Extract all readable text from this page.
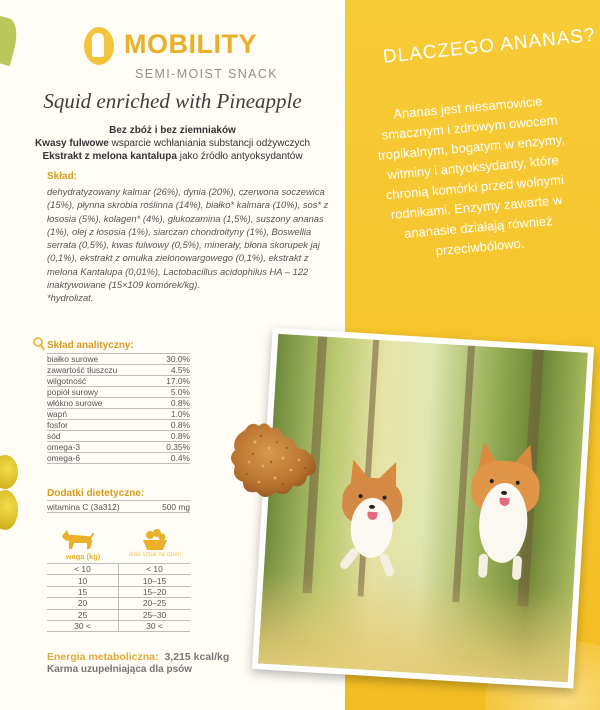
MOBILITY
SEMI-MOIST SNACK
Squid enriched with Pineapple
Bez zbóż i bez ziemniaków
Kwasy fulwowe wsparcie wchłaniania substancji odżywczych
Ekstrakt z melona kantalupa jako źródło antyoksydantów
Skład:
dehydratyzowany kalmar (26%), dynia (20%), czerwona soczewica (15%), płynna skrobia roślinna (14%), białko* kalmara (10%), sos* z łososia (5%), kolagen* (4%), glukozamina (1,5%), suszony ananas (1%), olej z łososia (1%), siarczan chondroityny (1%), Boswellia serrata (0,5%), kwas fulwowy (0,5%), minerały, błona skorupek jaj (0,1%), ekstrakt z omułka zielonowargowego (0,1%), ekstrakt z melona Kantalupa (0,01%), Lactobacillus acidophilus HA – 122 inaktywowane (15×109 komórek/kg).
*hydrolizat.
Skład analityczny:
białko surowe	30.0%
zawartość tłuszczu	4.5%
wilgotność	17.0%
popiół surowy	5.0%
włókno surowe	0.8%
wapń	1.0%
fosfor	0.8%
sód	0.8%
omega-3	0.35%
omega-6	0.4%
Dodatki dietetyczne:
witamina C (3a312)	500 mg
waga (kg)	ilość sztuk na dzień
< 10	< 10
10	10–15
15	15–20
20	20–25
25	25–30
30 <	30 <
Energia metaboliczna: 3,215 kcal/kg
Karma uzupełniająca dla psów
DLACZEGO ANANAS?
Ananas jest niesamowicie smacznym i zdrowym owocem tropikalnym, bogatym w enzymy, witminy i antyoksydanty, które chronią komórki przed wolnymi rodnikami. Enzymy zawarte w ananasie działają również przeciwbólowo.
